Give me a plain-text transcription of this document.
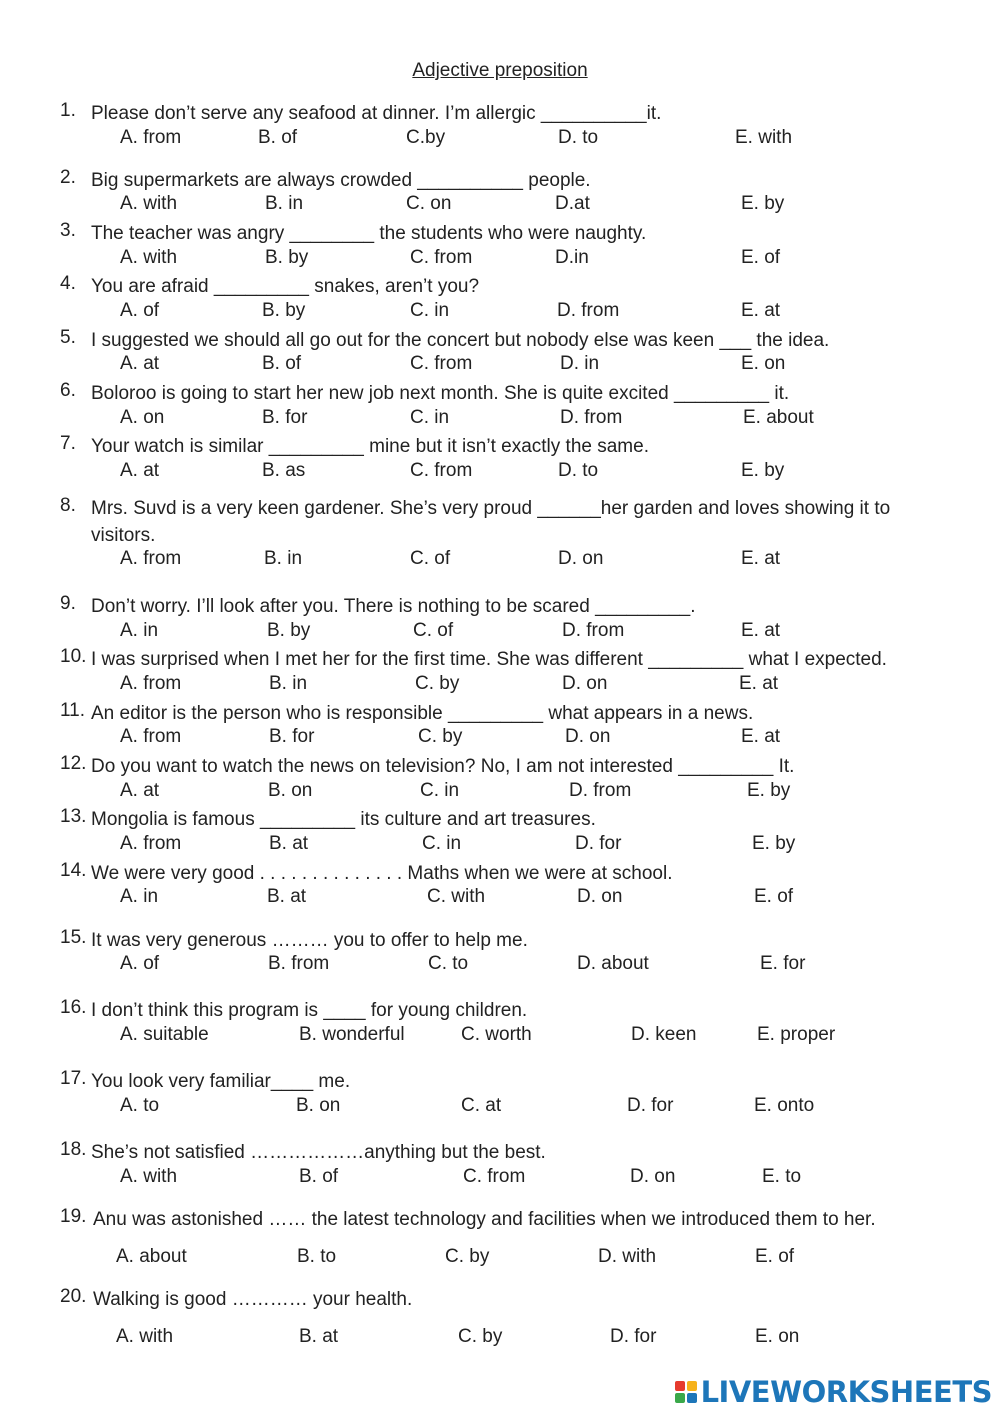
Adjective preposition
1. Please don’t serve any seafood at dinner. I’m allergic __________it.
A. from	B. of	C.by	D. to	E. with
2. Big supermarkets are always crowded __________ people.
A. with	B. in	C. on	D.at	E. by
3. The teacher was angry ________ the students who were naughty.
A. with	B. by	C. from	D.in	E. of
4. You are afraid _________ snakes, aren’t you?
A. of	B. by	C. in	D. from	E. at
5. I suggested we should all go out for the concert but nobody else was keen ___ the idea.
A. at	B. of	C. from	D. in	E. on
6. Boloroo is going to start her new job next month. She is quite excited _________ it.
A. on	B. for	C. in	D. from	E. about
7. Your watch is similar _________ mine but it isn’t exactly the same.
A. at	B. as	C. from	D. to	E. by
8. Mrs. Suvd is a very keen gardener. She’s very proud ______her garden and loves showing it to visitors.
A. from	B. in	C. of	D. on	E. at
9. Don’t worry. I’ll look after you. There is nothing to be scared _________.
A. in	B. by	C. of	D. from	E. at
10. I was surprised when I met her for the first time. She was different _________ what I expected.
A. from	B. in	C. by	D. on	E. at
11. An editor is the person who is responsible _________ what appears in a news.
A. from	B. for	C. by	D. on	E. at
12. Do you want to watch the news on television? No, I am not interested _________ It.
A. at	B. on	C. in	D. from	E. by
13. Mongolia is famous _________ its culture and art treasures.
A. from	B. at	C. in	D. for	E. by
14. We were very good . . . . . . . . . . . . . . Maths when we were at school.
A. in	B. at	C. with	D. on	E. of
15. It was very generous ……… you to offer to help me.
A. of	B. from	C. to	D. about	E. for
16. I don’t think this program is ____ for young children.
A. suitable	B. wonderful	C. worth	D. keen	E. proper
17. You look very familiar____ me.
A. to	B. on	C. at	D. for	E. onto
18. She’s not satisfied ………………anything but the best.
A. with	B. of	C. from	D. on	E. to
19. Anu was astonished …… the latest technology and facilities when we introduced them to her.
A. about	B. to	C. by	D. with	E. of
20. Walking is good ………… your health.
A. with	B. at	C. by	D. for	E. on
LIVEWORKSHEETS
